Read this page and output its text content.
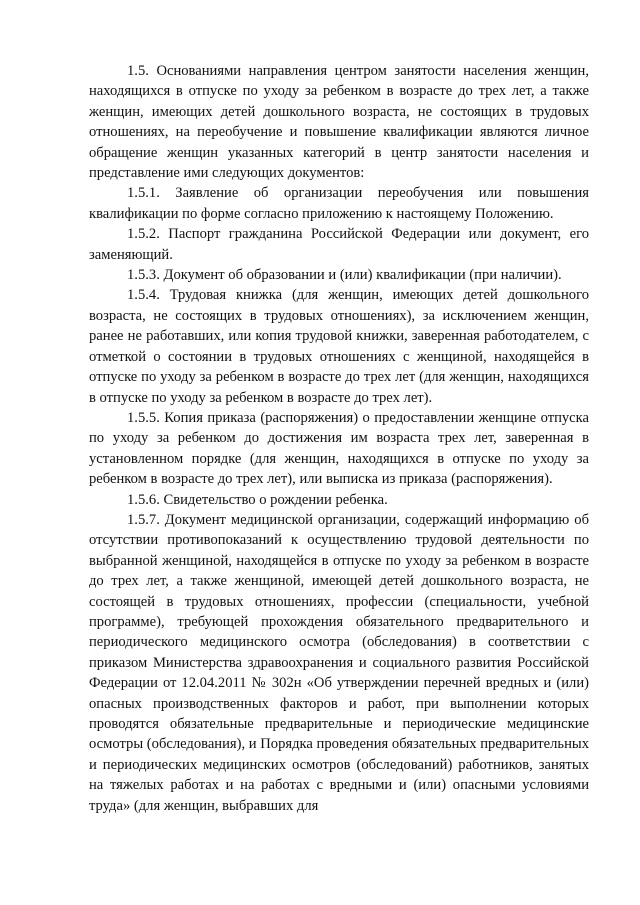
1.5. Основаниями направления центром занятости населения женщин, находящихся в отпуске по уходу за ребенком в возрасте до трех лет, а также женщин, имеющих детей дошкольного возраста, не состоящих в трудовых отношениях, на переобучение и повышение квалификации являются личное обращение женщин указанных категорий в центр занятости населения и представление ими следующих документов:

1.5.1. Заявление об организации переобучения или повышения квалификации по форме согласно приложению к настоящему Положению.

1.5.2. Паспорт гражданина Российской Федерации или документ, его заменяющий.

1.5.3. Документ об образовании и (или) квалификации (при наличии).

1.5.4. Трудовая книжка (для женщин, имеющих детей дошкольного возраста, не состоящих в трудовых отношениях), за исключением женщин, ранее не работавших, или копия трудовой книжки, заверенная работодателем, с отметкой о состоянии в трудовых отношениях с женщиной, находящейся в отпуске по уходу за ребенком в возрасте до трех лет (для женщин, находящихся в отпуске по уходу за ребенком в возрасте до трех лет).

1.5.5. Копия приказа (распоряжения) о предоставлении женщине отпуска по уходу за ребенком до достижения им возраста трех лет, заверенная в установленном порядке (для женщин, находящихся в отпуске по уходу за ребенком в возрасте до трех лет), или выписка из приказа (распоряжения).

1.5.6. Свидетельство о рождении ребенка.

1.5.7. Документ медицинской организации, содержащий информацию об отсутствии противопоказаний к осуществлению трудовой деятельности по выбранной женщиной, находящейся в отпуске по уходу за ребенком в возрасте до трех лет, а также женщиной, имеющей детей дошкольного возраста, не состоящей в трудовых отношениях, профессии (специальности, учебной программе), требующей прохождения обязательного предварительного и периодического медицинского осмотра (обследования) в соответствии с приказом Министерства здравоохранения и социального развития Российской Федерации от 12.04.2011 № 302н «Об утверждении перечней вредных и (или) опасных производственных факторов и работ, при выполнении которых проводятся обязательные предварительные и периодические медицинские осмотры (обследования), и Порядка проведения обязательных предварительных и периодических медицинских осмотров (обследований) работников, занятых на тяжелых работах и на работах с вредными и (или) опасными условиями труда» (для женщин, выбравших для
